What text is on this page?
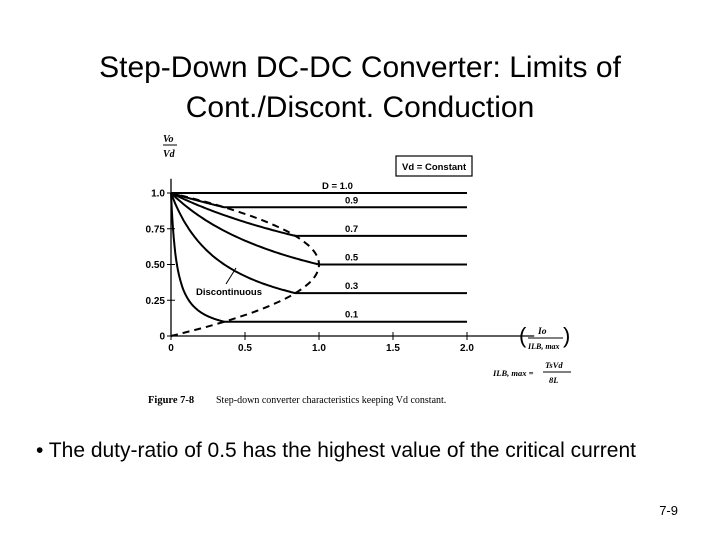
Step-Down DC-DC Converter: Limits of
Cont./Discont. Conduction
0
0.25
0.50
0.75
1.0
0	0.5	1.0	1.5	2.0
D = 1.0
0.9
0.7
0.5
0.3
0.1
Vo
Vd
Vd = Constant
( Io
ILB, max )
ILB, max =
TsVd
8L
Discontinuous
Figure 7-8 Step-down converter characteristics keeping Vd constant.
• The duty-ratio of 0.5 has the highest value of the critical current
7-9
